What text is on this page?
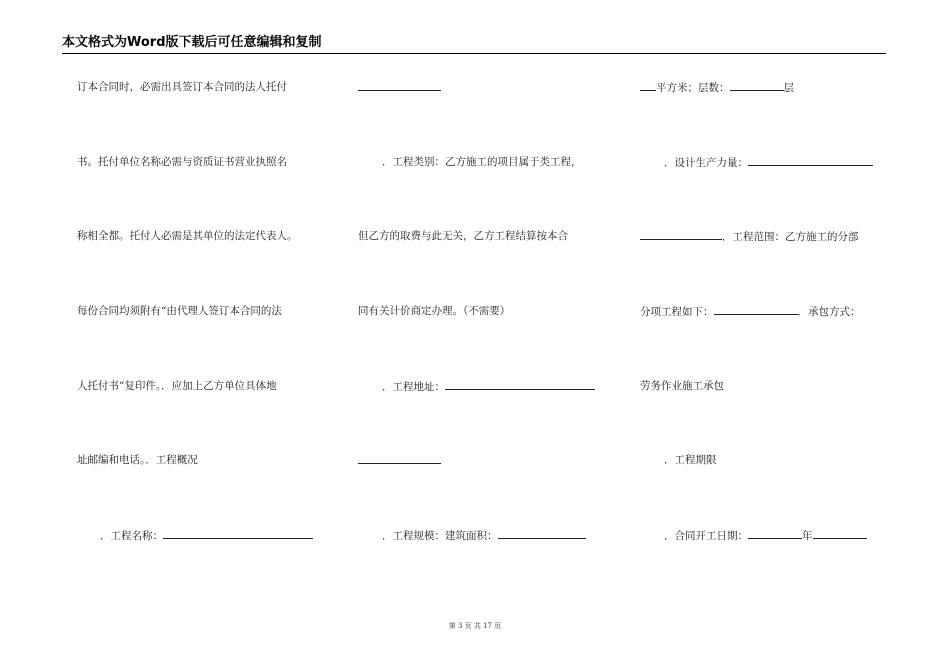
本文格式为Word版下载后可任意编辑和复制
订本合同时，必需出具签订本合同的法人托付
书。托付单位名称必需与资质证书营业执照名
称相全都。托付人必需是其单位的法定代表人。
每份合同均须附有“由代理人签订本合同的法
人托付书”复印件。．应加上乙方单位具体地
址邮编和电话。．工程概况
．工程名称：
．工程类别：乙方施工的项目属于类工程，
但乙方的取费与此无关，乙方工程结算按本合
同有关计价商定办理。（不需要）
．工程地址：
．工程规模：建筑面积：
平方米；层数：	层
．设计生产力量：
．工程范围：乙方施工的分部
分项工程如下：	．承包方式：
劳务作业施工承包
．工程期限
．合同开工日期：	年
第 3 页 共 17 页
